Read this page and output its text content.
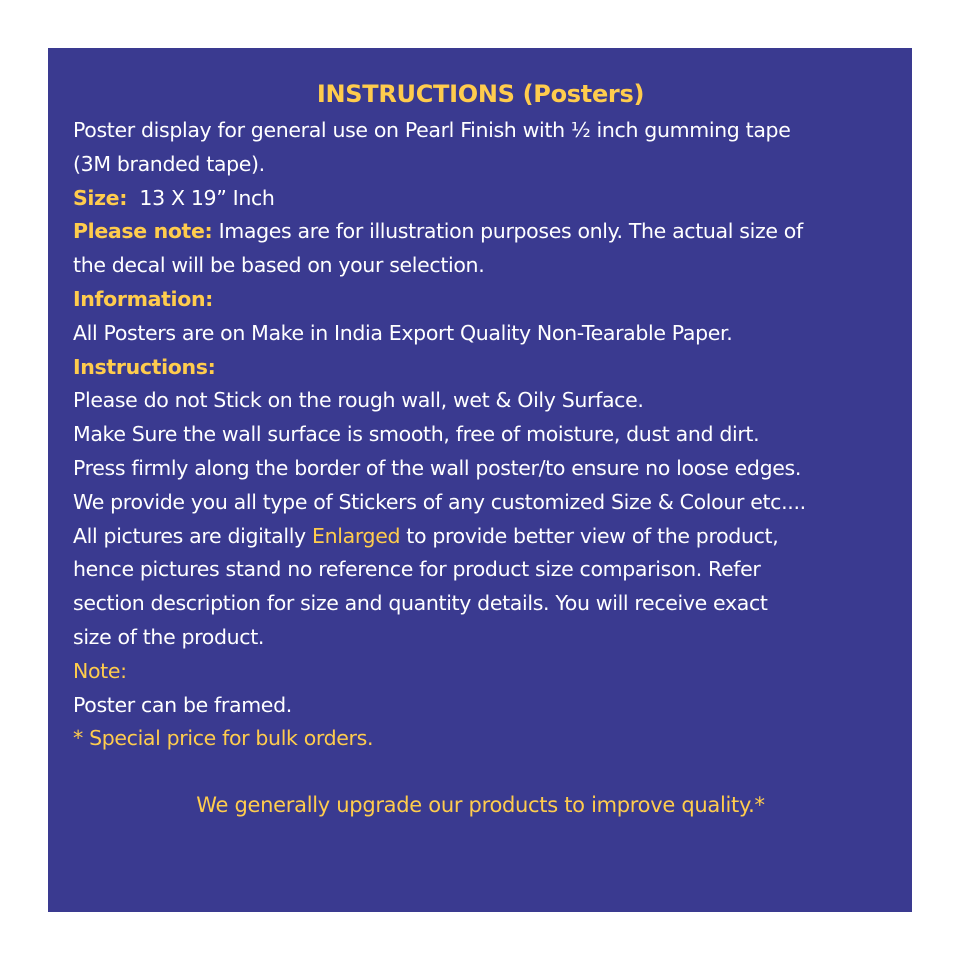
INSTRUCTIONS (Posters)
Poster display for general use on Pearl Finish with ½ inch gumming tape
(3M branded tape).
Size: 13 X 19” Inch
Please note: Images are for illustration purposes only. The actual size of
the decal will be based on your selection.
Information:
All Posters are on Make in India Export Quality Non-Tearable Paper.
Instructions:
Please do not Stick on the rough wall, wet & Oily Surface.
Make Sure the wall surface is smooth, free of moisture, dust and dirt.
Press firmly along the border of the wall poster/to ensure no loose edges.
We provide you all type of Stickers of any customized Size & Colour etc....
All pictures are digitally Enlarged to provide better view of the product,
hence pictures stand no reference for product size comparison. Refer
section description for size and quantity details. You will receive exact
size of the product.
Note:
Poster can be framed.
* Special price for bulk orders.
We generally upgrade our products to improve quality.*
